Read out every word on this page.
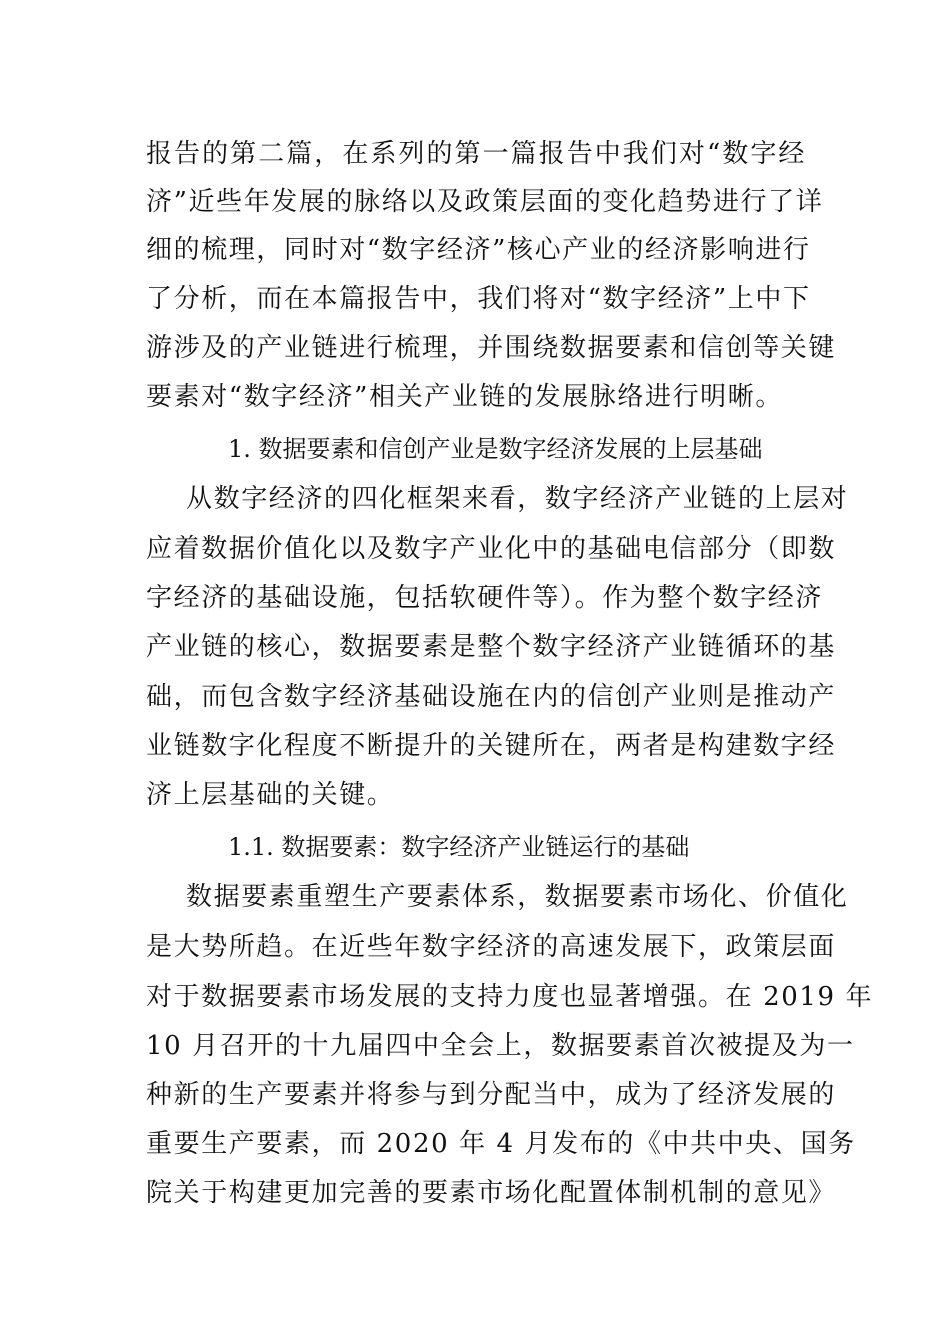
报告的第二篇，在系列的第一篇报告中我们对“数字经
济”近些年发展的脉络以及政策层面的变化趋势进行了详
细的梳理，同时对“数字经济”核心产业的经济影响进行
了分析，而在本篇报告中，我们将对“数字经济”上中下
游涉及的产业链进行梳理，并围绕数据要素和信创等关键
要素对“数字经济”相关产业链的发展脉络进行明晰。
1. 数据要素和信创产业是数字经济发展的上层基础
从数字经济的四化框架来看，数字经济产业链的上层对
应着数据价值化以及数字产业化中的基础电信部分（即数
字经济的基础设施，包括软硬件等）。作为整个数字经济
产业链的核心，数据要素是整个数字经济产业链循环的基
础，而包含数字经济基础设施在内的信创产业则是推动产
业链数字化程度不断提升的关键所在，两者是构建数字经
济上层基础的关键。
1.1. 数据要素：数字经济产业链运行的基础
数据要素重塑生产要素体系，数据要素市场化、价值化
是大势所趋。在近些年数字经济的高速发展下，政策层面
对于数据要素市场发展的支持力度也显著增强。在 2019 年
10 月召开的十九届四中全会上，数据要素首次被提及为一
种新的生产要素并将参与到分配当中，成为了经济发展的
重要生产要素，而 2020 年 4 月发布的《中共中央、国务
院关于构建更加完善的要素市场化配置体制机制的意见》
